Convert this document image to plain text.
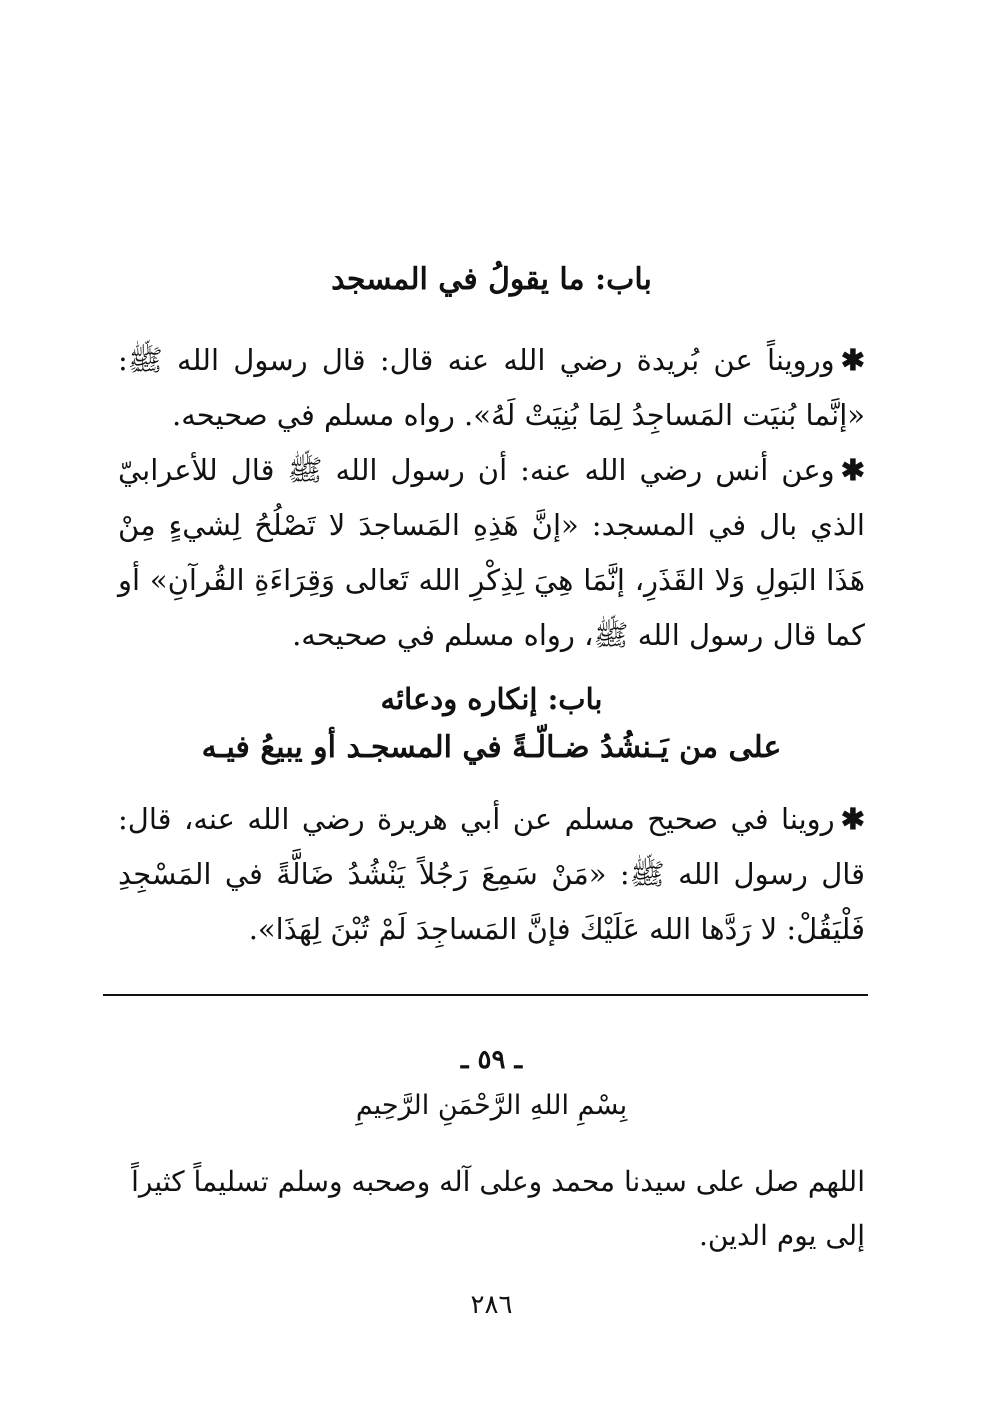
باب: ما يقولُ في المسجد

✱ورويناً عن بُريدة رضي الله عنه قال: قال رسول الله ﷺ: «إنَّما بُنيَت المَساجِدُ لِمَا بُنِيَتْ لَهُ». رواه مسلم في صحيحه.

✱وعن أنس رضي الله عنه: أن رسول الله ﷺ قال للأعرابيّ الذي بال في المسجد: «إنَّ هَذِهِ المَساجدَ لا تَصْلُحُ لِشيءٍ مِنْ هَذَا البَولِ وَلا القَذَرِ، إنَّمَا هِيَ لِذِكْرِ الله تَعالى وَقِرَاءَةِ القُرآنِ» أو كما قال رسول الله ﷺ، رواه مسلم في صحيحه.

باب: إنكاره ودعائه
على من يَـنشُدُ ضـالّـةً في المسجـد أو يبيعُ فيـه

✱روينا في صحيح مسلم عن أبي هريرة رضي الله عنه، قال: قال رسول الله ﷺ: «مَنْ سَمِعَ رَجُلاً يَنْشُدُ ضَالَّةً في المَسْجِدِ فَلْيَقُلْ: لا رَدَّها الله عَلَيْكَ فإنَّ المَساجِدَ لَمْ تُبْنَ لِهَذَا».

ـ ٥٩ ـ
بِسْمِ اللهِ الرَّحْمَنِ الرَّحِيمِ
اللهم صل على سيدنا محمد وعلى آله وصحبه وسلم تسليماً كثيراً إلى يوم الدين.
٢٨٦
